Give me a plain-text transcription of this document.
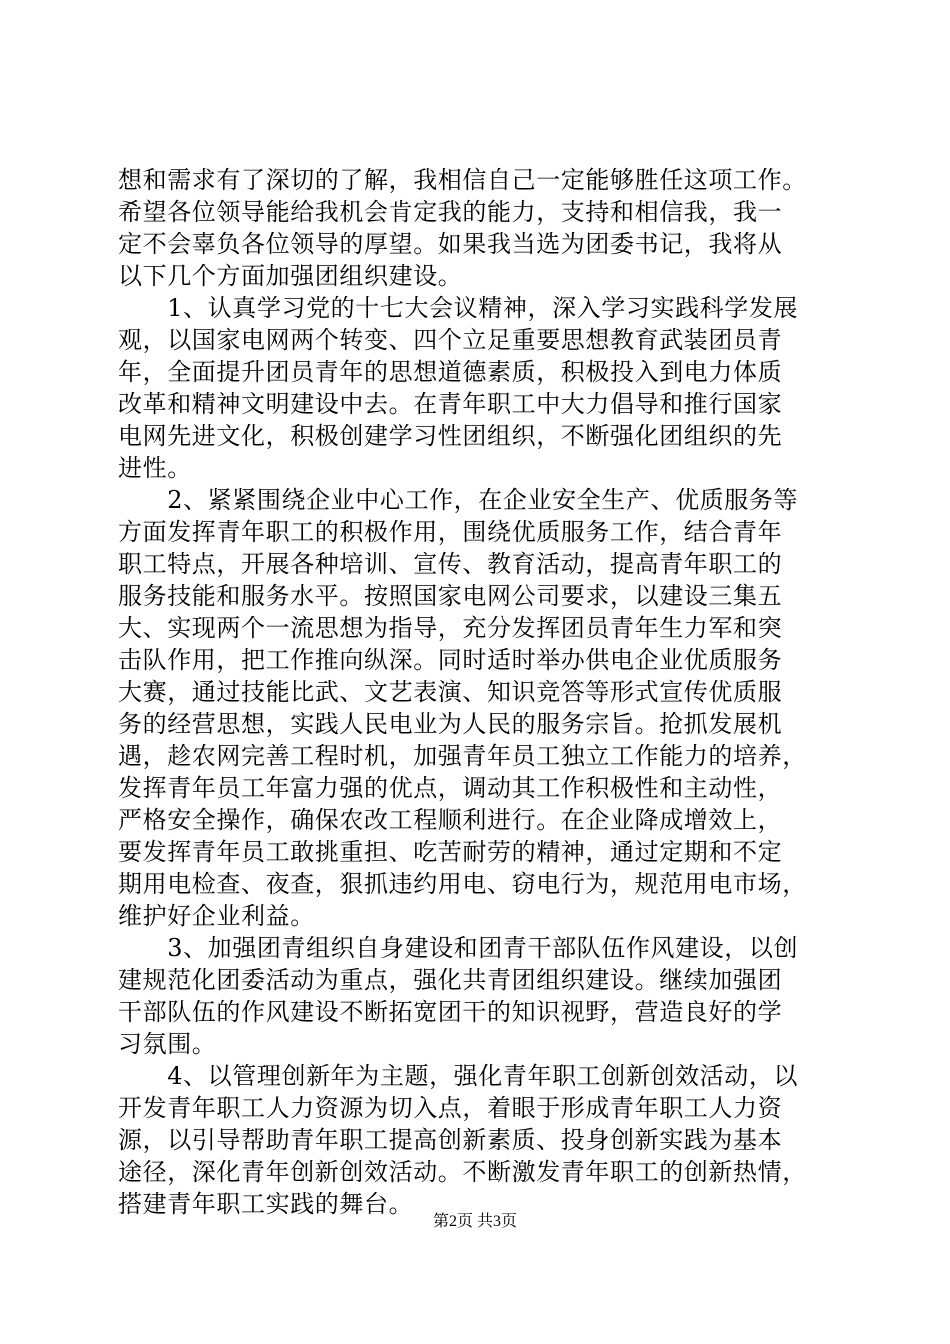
想和需求有了深切的了解，我相信自己一定能够胜任这项工作。
希望各位领导能给我机会肯定我的能力，支持和相信我，我一
定不会辜负各位领导的厚望。如果我当选为团委书记，我将从
以下几个方面加强团组织建设。
　　1、认真学习党的十七大会议精神，深入学习实践科学发展
观，以国家电网两个转变、四个立足重要思想教育武装团员青
年，全面提升团员青年的思想道德素质，积极投入到电力体质
改革和精神文明建设中去。在青年职工中大力倡导和推行国家
电网先进文化，积极创建学习性团组织，不断强化团组织的先
进性。
　　2、紧紧围绕企业中心工作，在企业安全生产、优质服务等
方面发挥青年职工的积极作用，围绕优质服务工作，结合青年
职工特点，开展各种培训、宣传、教育活动，提高青年职工的
服务技能和服务水平。按照国家电网公司要求，以建设三集五
大、实现两个一流思想为指导，充分发挥团员青年生力军和突
击队作用，把工作推向纵深。同时适时举办供电企业优质服务
大赛，通过技能比武、文艺表演、知识竞答等形式宣传优质服
务的经营思想，实践人民电业为人民的服务宗旨。抢抓发展机
遇，趁农网完善工程时机，加强青年员工独立工作能力的培养，
发挥青年员工年富力强的优点，调动其工作积极性和主动性，
严格安全操作，确保农改工程顺利进行。在企业降成增效上，
要发挥青年员工敢挑重担、吃苦耐劳的精神，通过定期和不定
期用电检查、夜查，狠抓违约用电、窃电行为，规范用电市场，
维护好企业利益。
　　3、加强团青组织自身建设和团青干部队伍作风建设，以创
建规范化团委活动为重点，强化共青团组织建设。继续加强团
干部队伍的作风建设不断拓宽团干的知识视野，营造良好的学
习氛围。
　　4、以管理创新年为主题，强化青年职工创新创效活动，以
开发青年职工人力资源为切入点，着眼于形成青年职工人力资
源，以引导帮助青年职工提高创新素质、投身创新实践为基本
途径，深化青年创新创效活动。不断激发青年职工的创新热情，
搭建青年职工实践的舞台。
第2页 共3页
